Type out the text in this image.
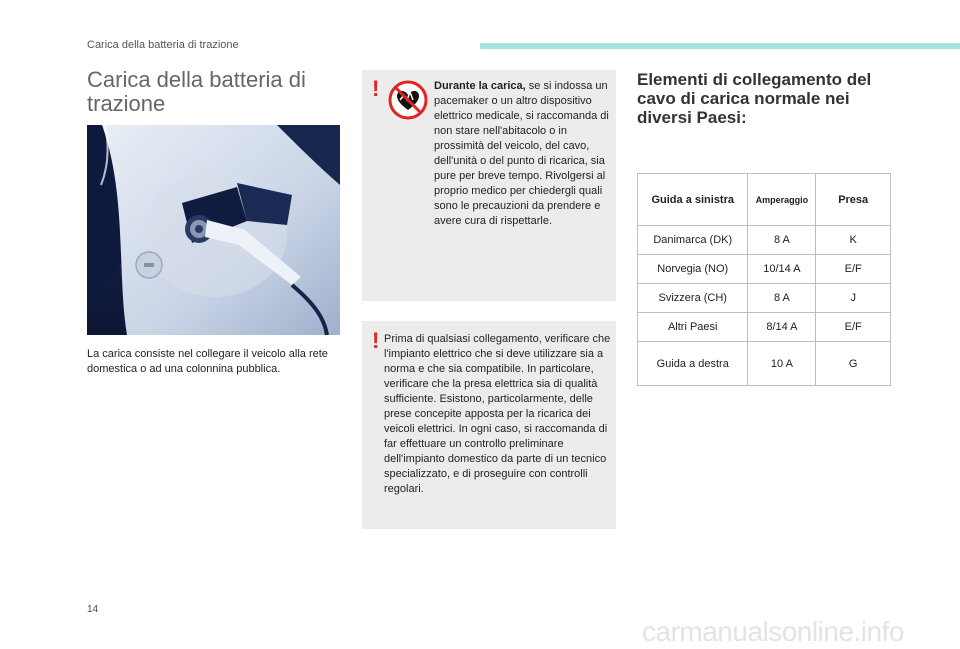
Carica della batteria di trazione
Carica della batteria di trazione

La carica consiste nel collegare il veicolo alla rete domestica o ad una colonnina pubblica.

!	Durante la carica, se si indossa un pacemaker o un altro dispositivo elettrico medicale, si raccomanda di non stare nell'abitacolo o in prossimità del veicolo, del cavo, dell'unità o del punto di ricarica, sia pure per breve tempo. Rivolgersi al proprio medico per chiedergli quali sono le precauzioni da prendere e avere cura di rispettarle.

! Prima di qualsiasi collegamento, verificare che l'impianto elettrico che si deve utilizzare sia a norma e che sia compatibile. In particolare, verificare che la presa elettrica sia di qualità sufficiente. Esistono, particolarmente, delle prese concepite apposta per la ricarica dei veicoli elettrici. In ogni caso, si raccomanda di far effettuare un controllo preliminare dell'impianto domestico da parte di un tecnico specializzato, e di proseguire con controlli regolari.

Elementi di collegamento del cavo di carica normale nei diversi Paesi:
Guida a sinistra	Amperaggio	Presa
Danimarca (DK)	8 A	K
Norvegia (NO)	10/14 A	E/F
Svizzera (CH)	8 A	J
Altri Paesi	8/14 A	E/F
Guida a destra	10 A	G
14
carmanualsonline.info
